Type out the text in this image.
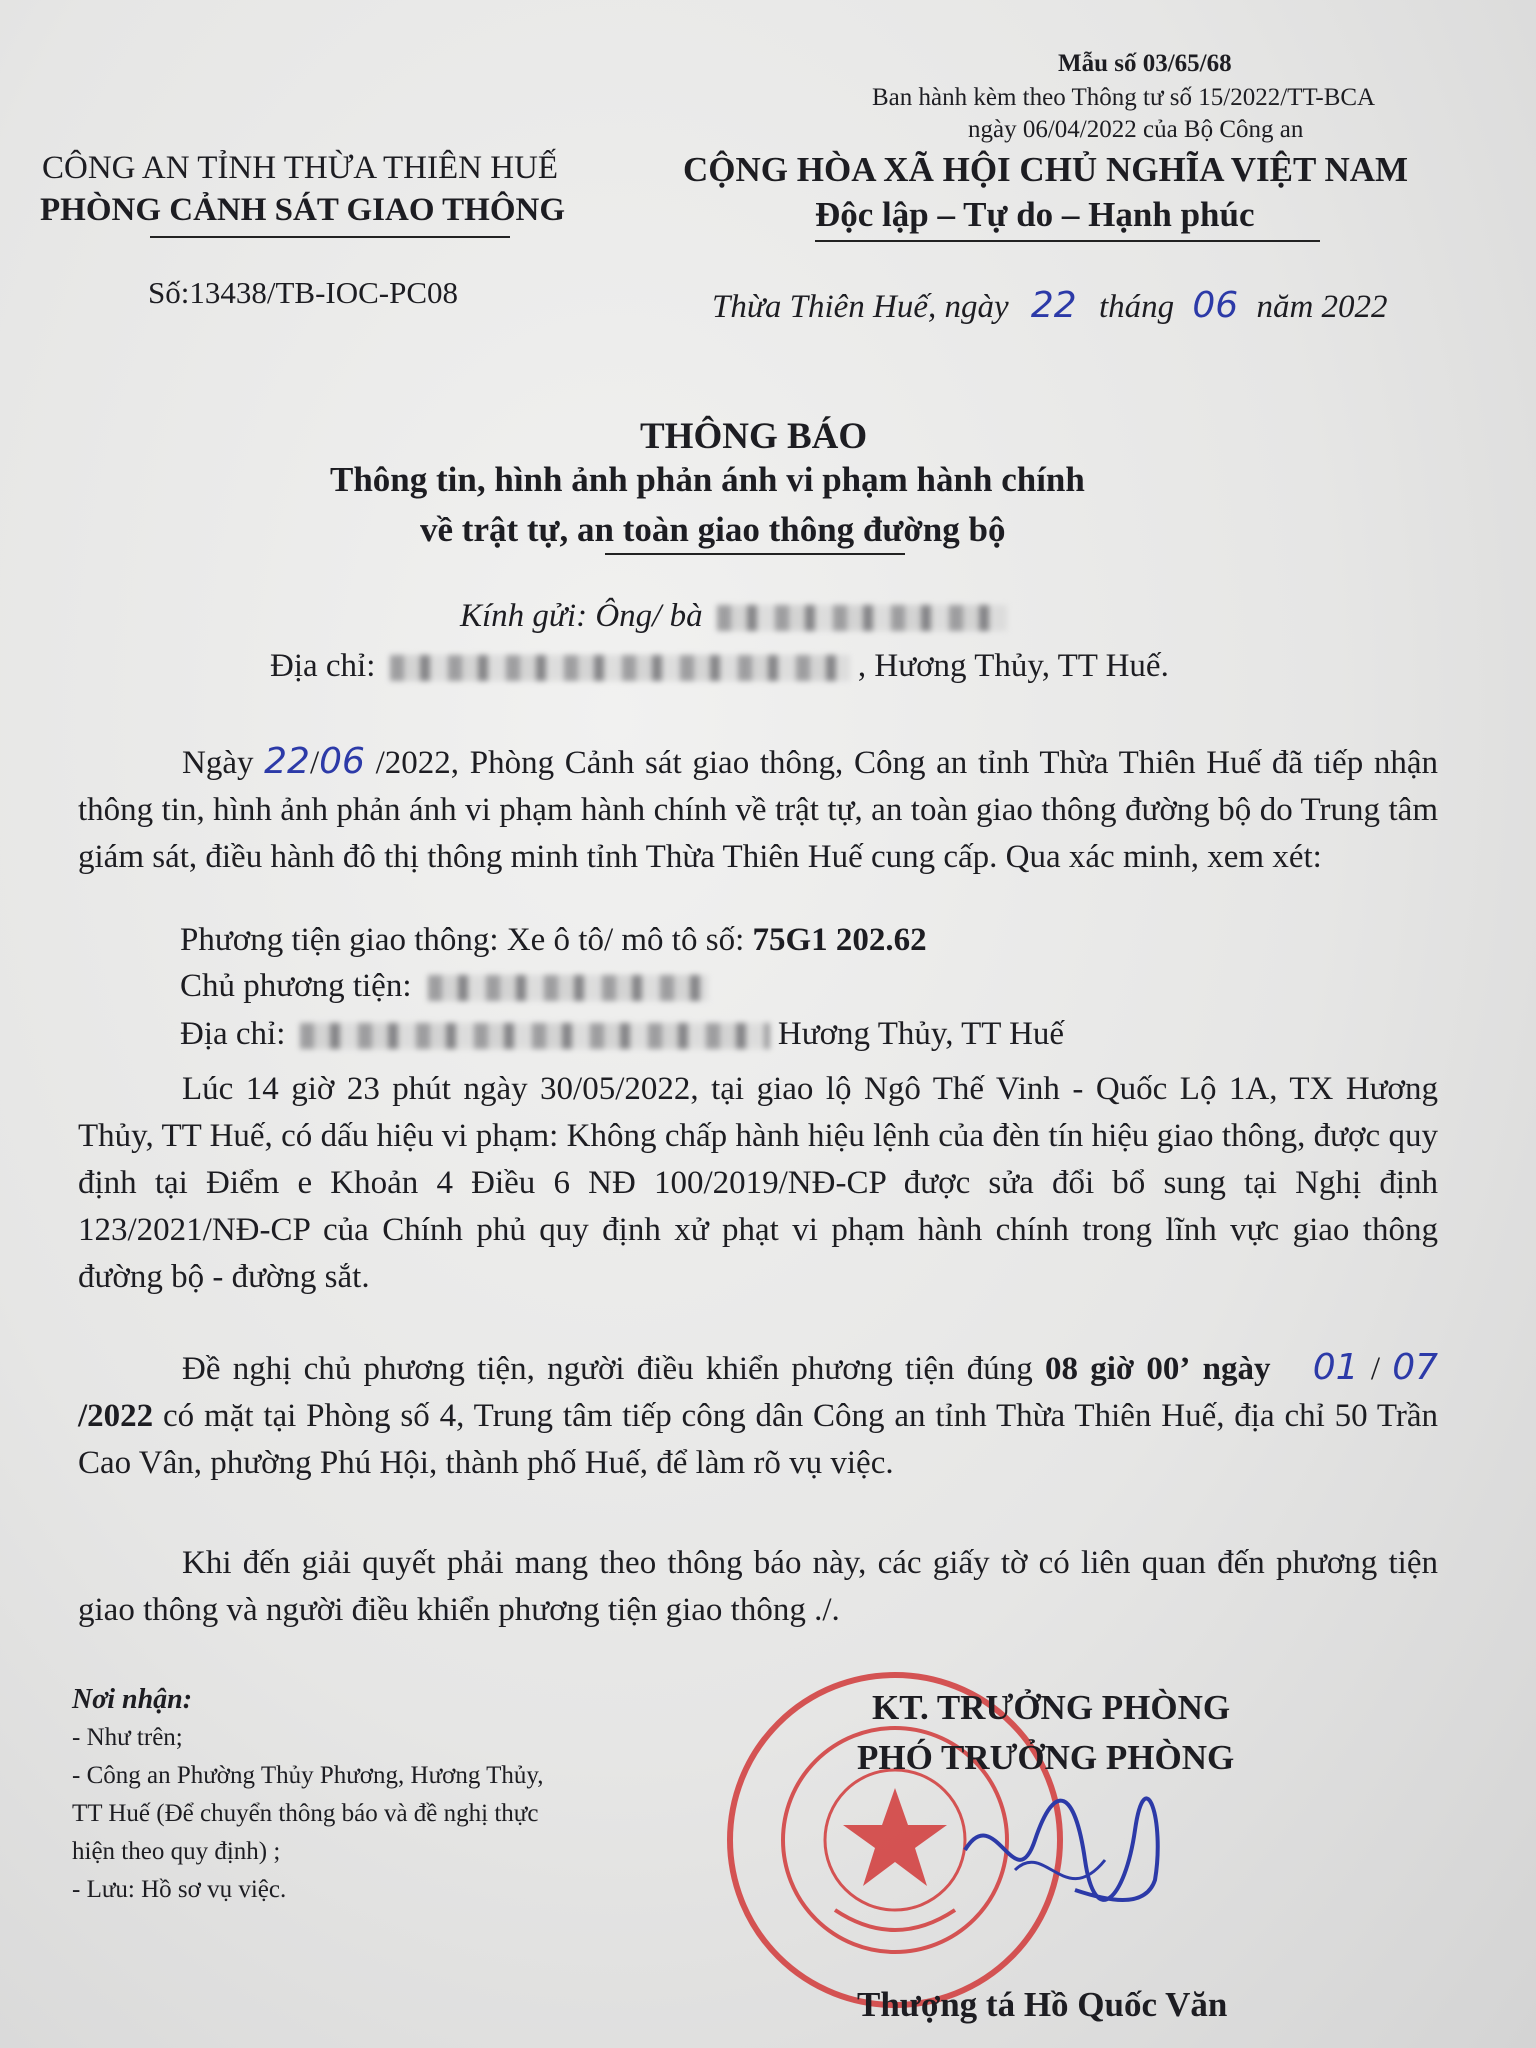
Mẫu số 03/65/68
Ban hành kèm theo Thông tư số 15/2022/TT-BCA
ngày 06/04/2022 của Bộ Công an
CÔNG AN TỈNH THỪA THIÊN HUẾ
PHÒNG CẢNH SÁT GIAO THÔNG
Số:13438/TB-IOC-PC08
CỘNG HÒA XÃ HỘI CHỦ NGHĨA VIỆT NAM
Độc lập – Tự do – Hạnh phúc
Thừa Thiên Huế, ngày 22 tháng 06 năm 2022
THÔNG BÁO
Thông tin, hình ảnh phản ánh vi phạm hành chính
về trật tự, an toàn giao thông đường bộ
Kính gửi: Ông/ bà
Địa chỉ:	, Hương Thủy, TT Huế.
Ngày 22/06 /2022, Phòng Cảnh sát giao thông, Công an tỉnh Thừa Thiên Huế đã tiếp nhận thông tin, hình ảnh phản ánh vi phạm hành chính về trật tự, an toàn giao thông đường bộ do Trung tâm giám sát, điều hành đô thị thông minh tỉnh Thừa Thiên Huế cung cấp. Qua xác minh, xem xét:
Phương tiện giao thông: Xe ô tô/ mô tô số: 75G1 202.62
Chủ phương tiện:
Địa chỉ:	Hương Thủy, TT Huế
Lúc 14 giờ 23 phút ngày 30/05/2022, tại giao lộ Ngô Thế Vinh - Quốc Lộ 1A, TX Hương Thủy, TT Huế, có dấu hiệu vi phạm: Không chấp hành hiệu lệnh của đèn tín hiệu giao thông, được quy định tại Điểm e Khoản 4 Điều 6 NĐ 100/2019/NĐ-CP được sửa đổi bổ sung tại Nghị định 123/2021/NĐ-CP của Chính phủ quy định xử phạt vi phạm hành chính trong lĩnh vực giao thông đường bộ - đường sắt.
Đề nghị chủ phương tiện, người điều khiển phương tiện đúng 08 giờ 00’ ngày 01 / 07 /2022 có mặt tại Phòng số 4, Trung tâm tiếp công dân Công an tỉnh Thừa Thiên Huế, địa chỉ 50 Trần Cao Vân, phường Phú Hội, thành phố Huế, để làm rõ vụ việc.
Khi đến giải quyết phải mang theo thông báo này, các giấy tờ có liên quan đến phương tiện giao thông và người điều khiển phương tiện giao thông ./.
Nơi nhận:
- Như trên;
- Công an Phường Thủy Phương, Hương Thủy,
TT Huế (Để chuyển thông báo và đề nghị thực
hiện theo quy định) ;
- Lưu: Hồ sơ vụ việc.
KT. TRƯỞNG PHÒNG
PHÓ TRƯỞNG PHÒNG
Thượng tá Hồ Quốc Văn
